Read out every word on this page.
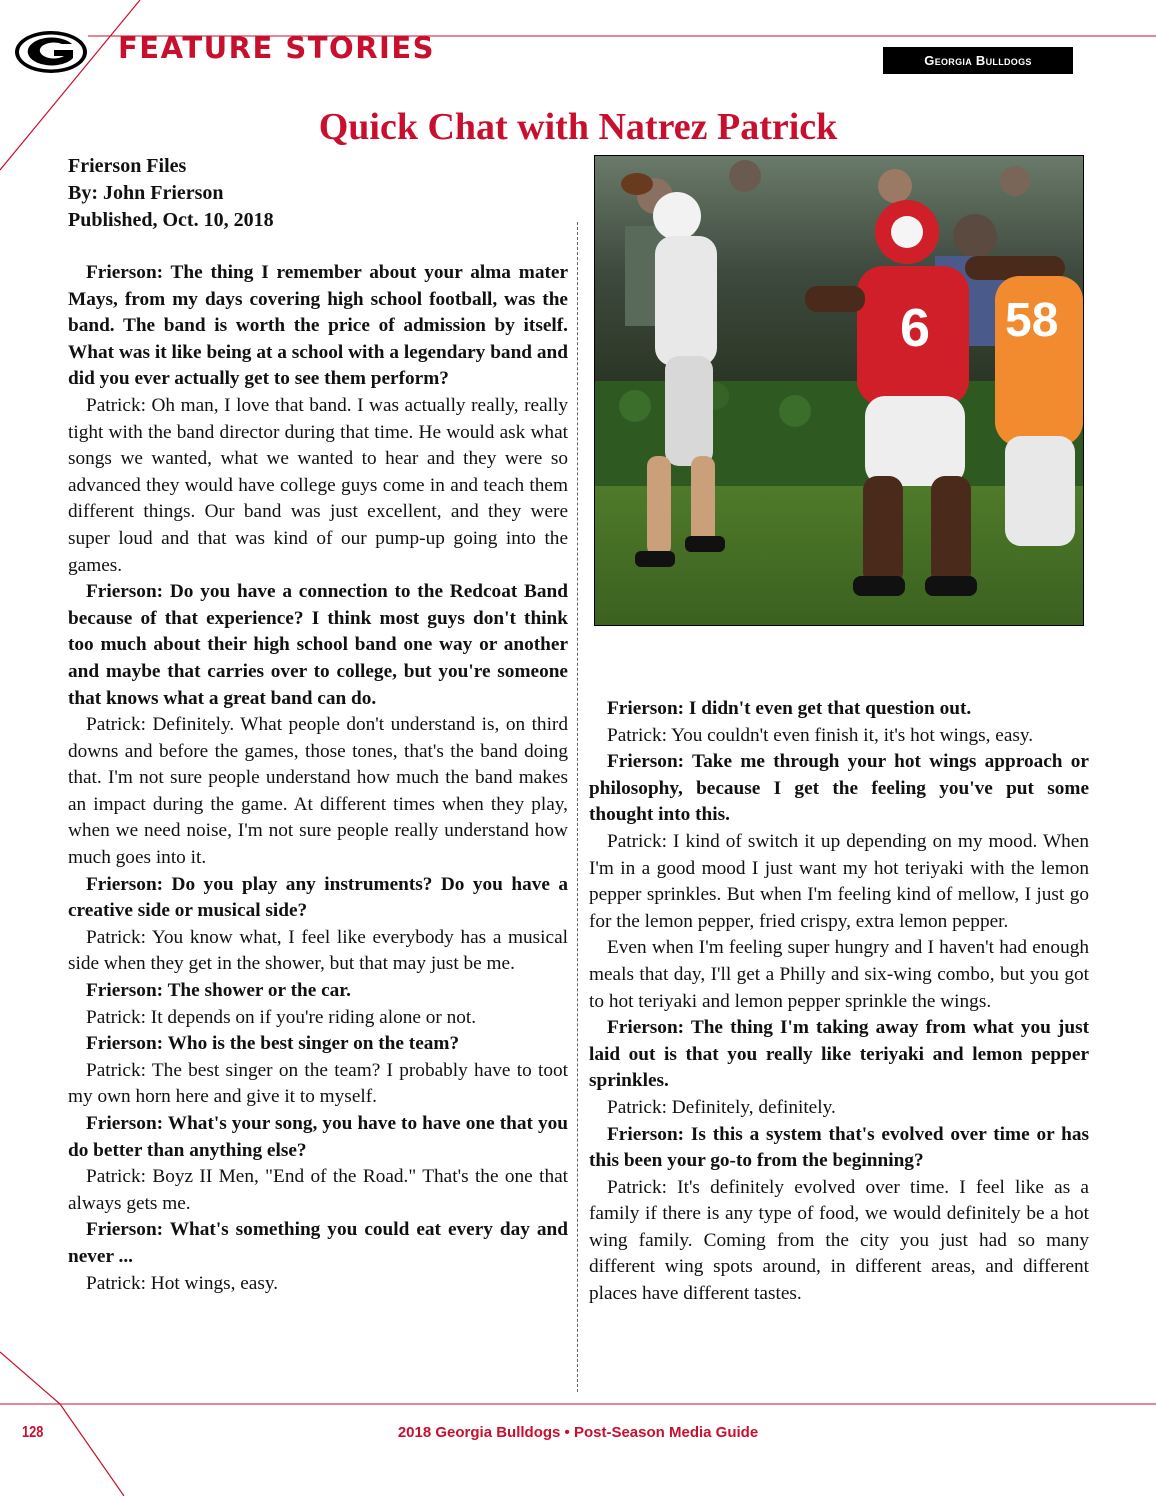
FEATURE STORIES	Georgia Bulldogs
Quick Chat with Natrez Patrick
Frierson Files
By: John Frierson
Published, Oct. 10, 2018

Frierson: The thing I remember about your alma mater Mays, from my days covering high school football, was the band. The band is worth the price of admission by itself. What was it like being at a school with a legendary band and did you ever actually get to see them perform?

Patrick: Oh man, I love that band. I was actually really, really tight with the band director during that time. He would ask what songs we wanted, what we wanted to hear and they were so advanced they would have college guys come in and teach them different things. Our band was just excellent, and they were super loud and that was kind of our pump-up going into the games.

Frierson: Do you have a connection to the Redcoat Band because of that experience? I think most guys don't think too much about their high school band one way or another and maybe that carries over to college, but you're someone that knows what a great band can do.

Patrick: Definitely. What people don't understand is, on third downs and before the games, those tones, that's the band doing that. I'm not sure people understand how much the band makes an impact during the game. At different times when they play, when we need noise, I'm not sure people really understand how much goes into it.

Frierson: Do you play any instruments? Do you have a creative side or musical side?

Patrick: You know what, I feel like everybody has a musical side when they get in the shower, but that may just be me.

Frierson: The shower or the car.

Patrick: It depends on if you're riding alone or not.

Frierson: Who is the best singer on the team?

Patrick: The best singer on the team? I probably have to toot my own horn here and give it to myself.

Frierson: What's your song, you have to have one that you do better than anything else?

Patrick: Boyz II Men, "End of the Road." That's the one that always gets me.

Frierson: What's something you could eat every day and never ...

Patrick: Hot wings, easy.

6 58

Frierson: I didn't even get that question out.

Patrick: You couldn't even finish it, it's hot wings, easy.

Frierson: Take me through your hot wings approach or philosophy, because I get the feeling you've put some thought into this.

Patrick: I kind of switch it up depending on my mood. When I'm in a good mood I just want my hot teriyaki with the lemon pepper sprinkles. But when I'm feeling kind of mellow, I just go for the lemon pepper, fried crispy, extra lemon pepper.

Even when I'm feeling super hungry and I haven't had enough meals that day, I'll get a Philly and six-wing combo, but you got to hot teriyaki and lemon pepper sprinkle the wings.

Frierson: The thing I'm taking away from what you just laid out is that you really like teriyaki and lemon pepper sprinkles.

Patrick: Definitely, definitely.

Frierson: Is this a system that's evolved over time or has this been your go-to from the beginning?

Patrick: It's definitely evolved over time. I feel like as a family if there is any type of food, we would definitely be a hot wing family. Coming from the city you just had so many different wing spots around, in different areas, and different places have different tastes.

128	2018 Georgia Bulldogs • Post-Season Media Guide
